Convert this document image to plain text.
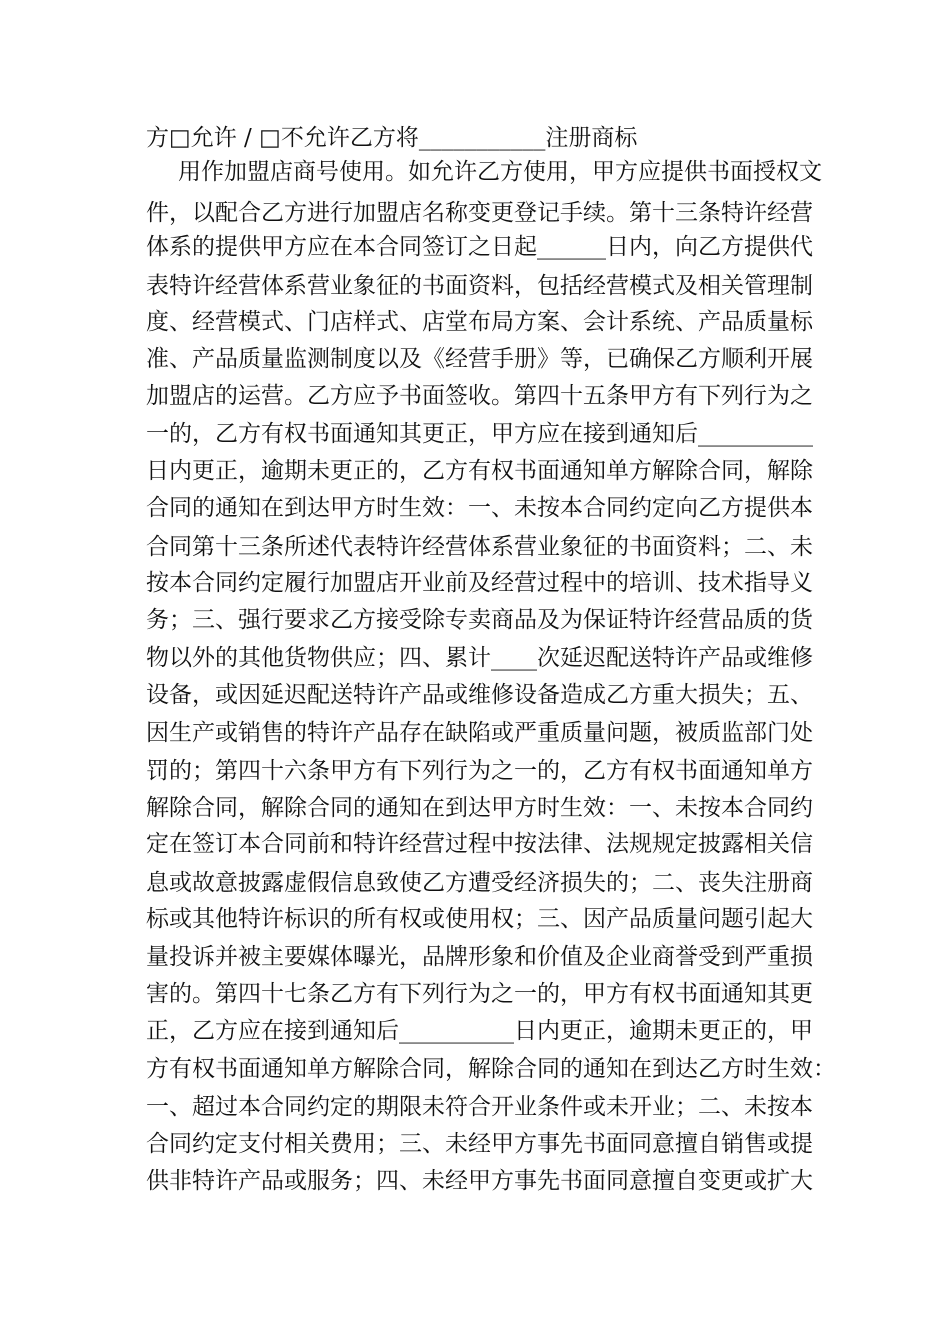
方□允许 / □不允许乙方将___________注册商标
用作加盟店商号使用。如允许乙方使用，甲方应提供书面授权文
件，以配合乙方进行加盟店名称变更登记手续。第十三条特许经营
体系的提供甲方应在本合同签订之日起______日内，向乙方提供代
表特许经营体系营业象征的书面资料，包括经营模式及相关管理制
度、经营模式、门店样式、店堂布局方案、会计系统、产品质量标
准、产品质量监测制度以及《经营手册》等，已确保乙方顺利开展
加盟店的运营。乙方应予书面签收。第四十五条甲方有下列行为之
一的，乙方有权书面通知其更正，甲方应在接到通知后__________
日内更正，逾期未更正的，乙方有权书面通知单方解除合同，解除
合同的通知在到达甲方时生效：一、未按本合同约定向乙方提供本
合同第十三条所述代表特许经营体系营业象征的书面资料；二、未
按本合同约定履行加盟店开业前及经营过程中的培训、技术指导义
务；三、强行要求乙方接受除专卖商品及为保证特许经营品质的货
物以外的其他货物供应；四、累计____次延迟配送特许产品或维修
设备，或因延迟配送特许产品或维修设备造成乙方重大损失；五、
因生产或销售的特许产品存在缺陷或严重质量问题，被质监部门处
罚的；第四十六条甲方有下列行为之一的，乙方有权书面通知单方
解除合同，解除合同的通知在到达甲方时生效：一、未按本合同约
定在签订本合同前和特许经营过程中按法律、法规规定披露相关信
息或故意披露虚假信息致使乙方遭受经济损失的；二、丧失注册商
标或其他特许标识的所有权或使用权；三、因产品质量问题引起大
量投诉并被主要媒体曝光，品牌形象和价值及企业商誉受到严重损
害的。第四十七条乙方有下列行为之一的，甲方有权书面通知其更
正，乙方应在接到通知后__________日内更正，逾期未更正的，甲
方有权书面通知单方解除合同，解除合同的通知在到达乙方时生效：
一、超过本合同约定的期限未符合开业条件或未开业；二、未按本
合同约定支付相关费用；三、未经甲方事先书面同意擅自销售或提
供非特许产品或服务；四、未经甲方事先书面同意擅自变更或扩大
